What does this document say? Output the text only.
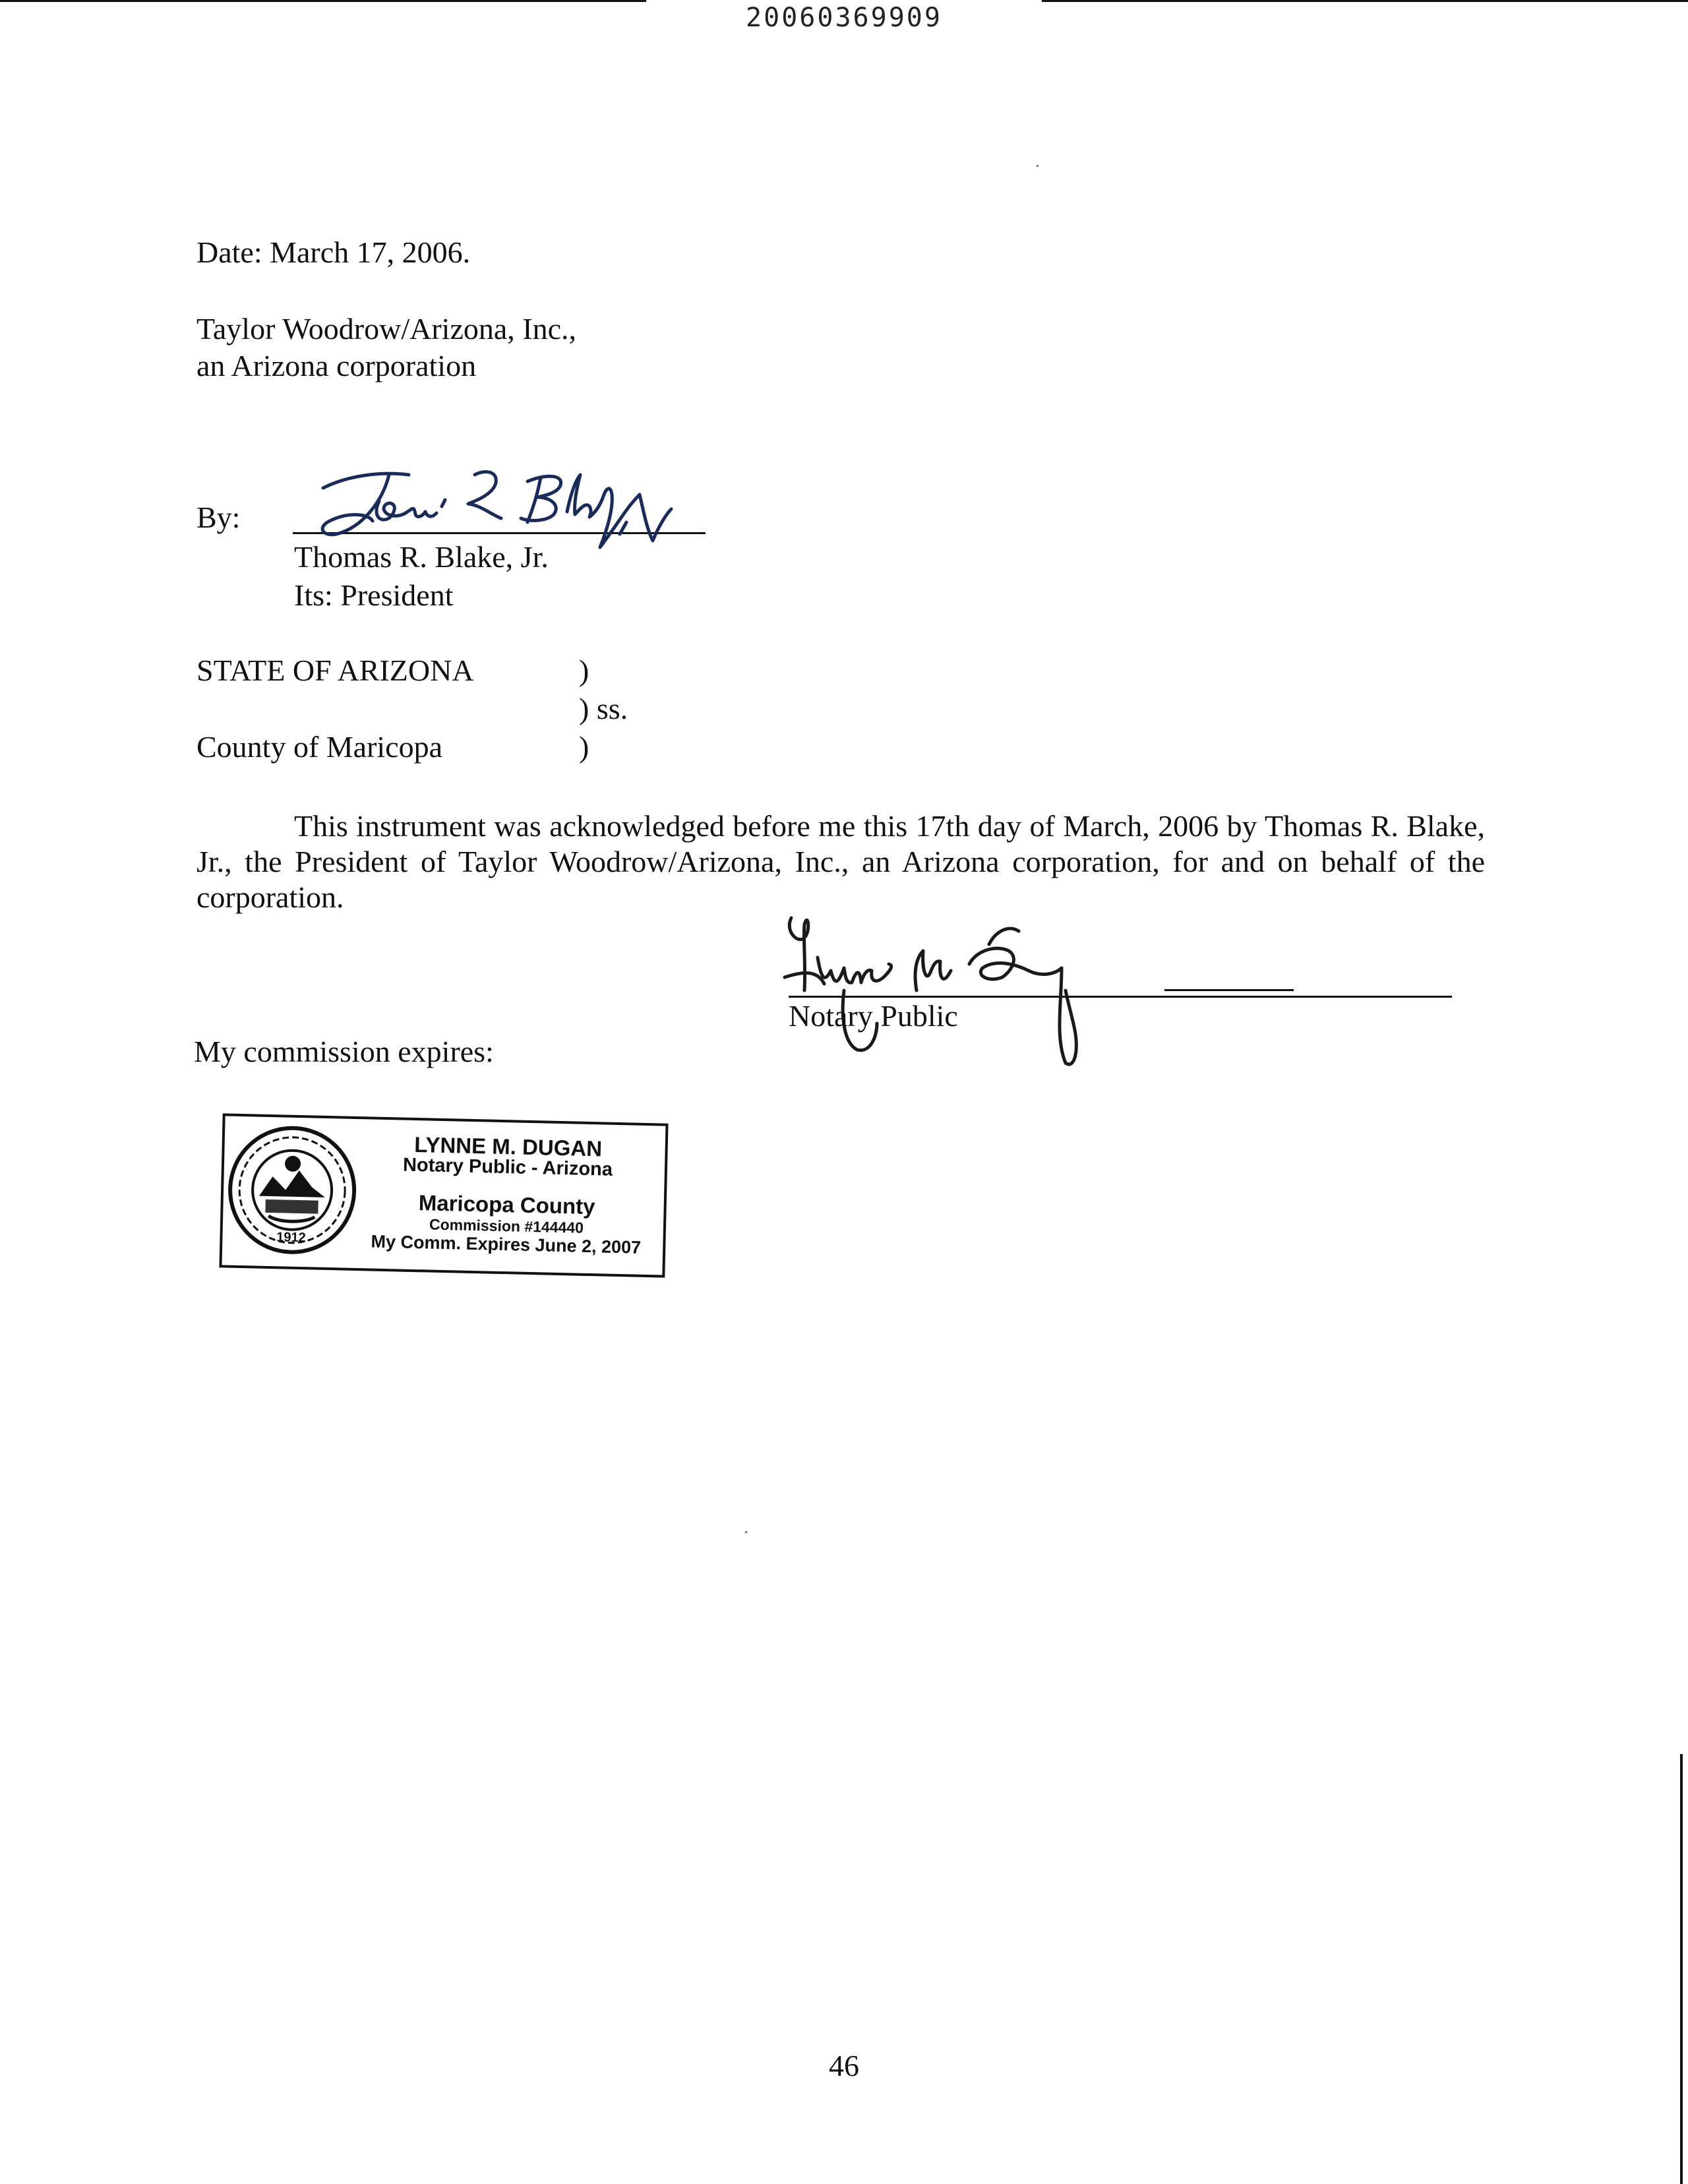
20060369909
Date: March 17, 2006.
Taylor Woodrow/Arizona, Inc.,
an Arizona corporation
By:
Thomas R. Blake, Jr.
Its: President
STATE OF ARIZONA	)
) ss.
County of Maricopa	)
This instrument was acknowledged before me this 17th day of March, 2006 by Thomas R. Blake, Jr., the President of Taylor Woodrow/Arizona, Inc., an Arizona corporation, for and on behalf of the corporation.
Notary Public
My commission expires:
1912
LYNNE M. DUGAN
Notary Public - Arizona
Maricopa County
Commission #144440
My Comm. Expires June 2, 2007
46
